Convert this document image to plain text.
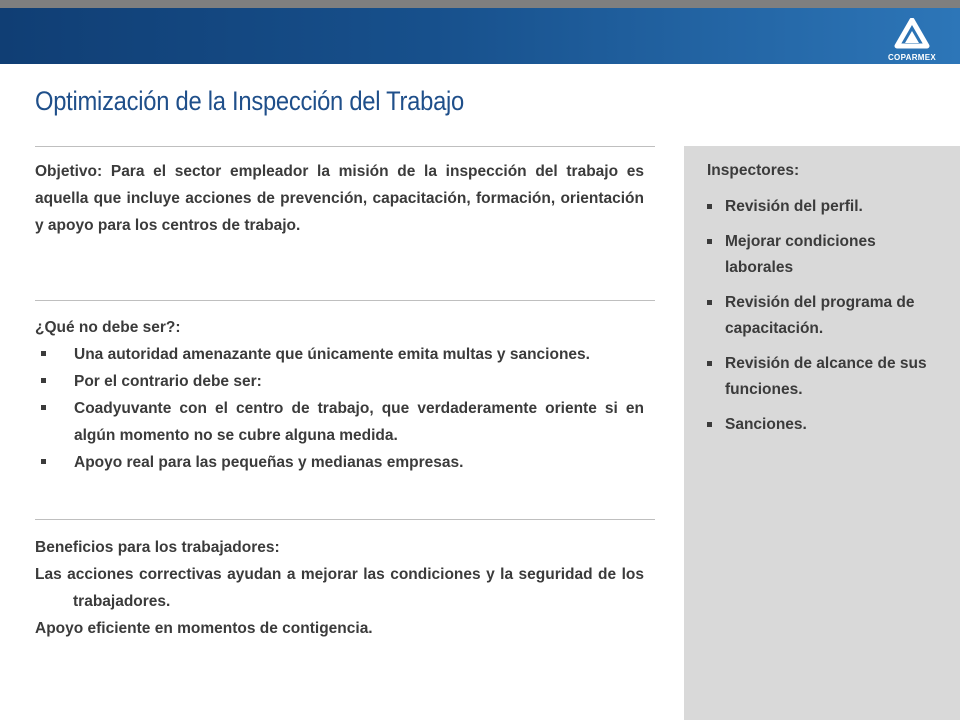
COPARMEX
Optimización de la Inspección del Trabajo

Objetivo: Para el sector empleador la misión de la inspección del trabajo es aquella que incluye acciones de prevención, capacitación, formación, orientación y apoyo para los centros de trabajo.

¿Qué no debe ser?:

Una autoridad amenazante que únicamente emita multas y sanciones.
Por el contrario debe ser:
Coadyuvante con el centro de trabajo, que verdaderamente oriente si en algún momento no se cubre alguna medida.
Apoyo real para las pequeñas y medianas empresas.

Beneficios para los trabajadores:

Las acciones correctivas ayudan a mejorar las condiciones y la seguridad de los trabajadores.

Apoyo eficiente en momentos de contigencia.

Inspectores:

Revisión del perfil.
Mejorar condiciones laborales
Revisión del programa de capacitación.
Revisión de alcance de sus funciones.
Sanciones.
